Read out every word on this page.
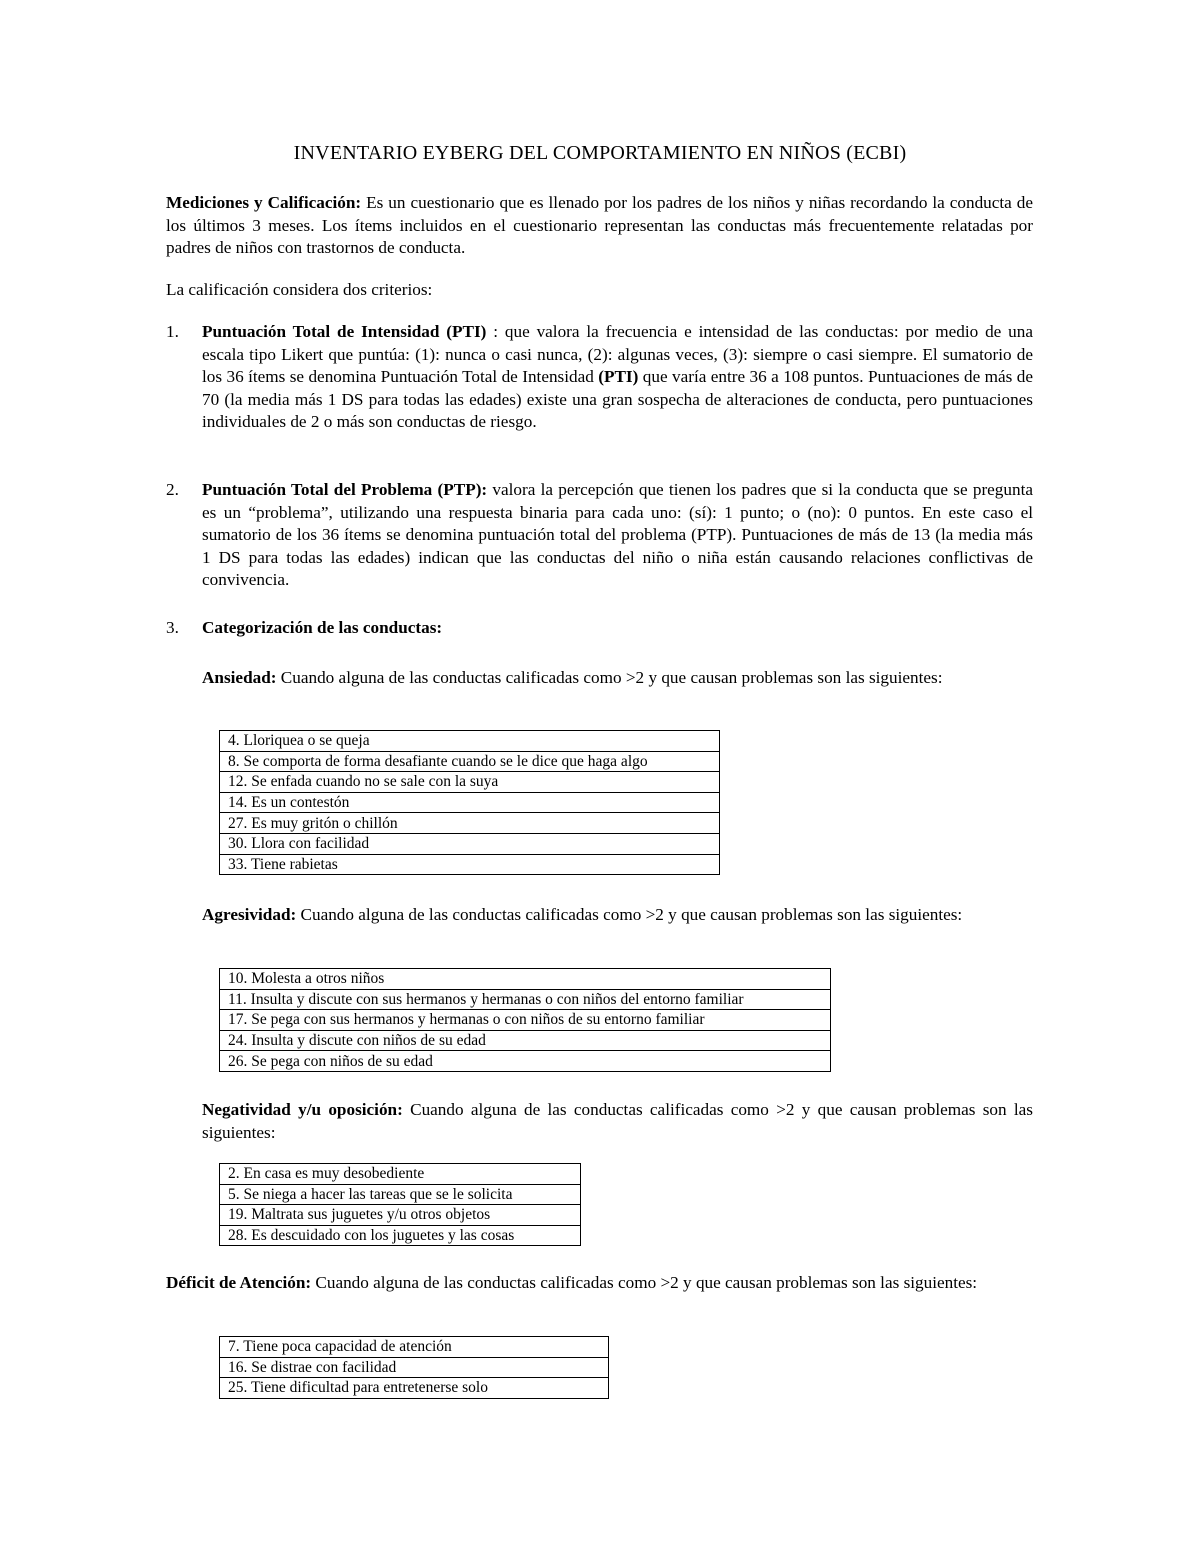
INVENTARIO EYBERG DEL COMPORTAMIENTO EN NIÑOS (ECBI)

Mediciones y Calificación: Es un cuestionario que es llenado por los padres de los niños y niñas recordando la conducta de los últimos 3 meses. Los ítems incluidos en el cuestionario representan las conductas más frecuentemente relatadas por padres de niños con trastornos de conducta.

La calificación considera dos criterios:

1. Puntuación Total de Intensidad (PTI) : que valora la frecuencia e intensidad de las conductas: por medio de una escala tipo Likert que puntúa: (1): nunca o casi nunca, (2): algunas veces, (3): siempre o casi siempre. El sumatorio de los 36 ítems se denomina Puntuación Total de Intensidad (PTI) que varía entre 36 a 108 puntos. Puntuaciones de más de 70 (la media más 1 DS para todas las edades) existe una gran sospecha de alteraciones de conducta, pero puntuaciones individuales de 2 o más son conductas de riesgo.
2. Puntuación Total del Problema (PTP): valora la percepción que tienen los padres que si la conducta que se pregunta es un “problema”, utilizando una respuesta binaria para cada uno: (sí): 1 punto; o (no): 0 puntos. En este caso el sumatorio de los 36 ítems se denomina puntuación total del problema (PTP). Puntuaciones de más de 13 (la media más 1 DS para todas las edades) indican que las conductas del niño o niña están causando relaciones conflictivas de convivencia.
3. Categorización de las conductas:

Ansiedad: Cuando alguna de las conductas calificadas como >2 y que causan problemas son las siguientes:

4. Lloriquea o se queja
8. Se comporta de forma desafiante cuando se le dice que haga algo
12. Se enfada cuando no se sale con la suya
14. Es un contestón
27. Es muy gritón o chillón
30. Llora con facilidad
33. Tiene rabietas

Agresividad: Cuando alguna de las conductas calificadas como >2 y que causan problemas son las siguientes:

10. Molesta a otros niños
11. Insulta y discute con sus hermanos y hermanas o con niños del entorno familiar
17. Se pega con sus hermanos y hermanas o con niños de su entorno familiar
24. Insulta y discute con niños de su edad
26. Se pega con niños de su edad

Negatividad y/u oposición: Cuando alguna de las conductas calificadas como >2 y que causan problemas son las siguientes:

2. En casa es muy desobediente
5. Se niega a hacer las tareas que se le solicita
19. Maltrata sus juguetes y/u otros objetos
28. Es descuidado con los juguetes y las cosas

Déficit de Atención: Cuando alguna de las conductas calificadas como >2 y que causan problemas son las siguientes:

7. Tiene poca capacidad de atención
16. Se distrae con facilidad
25. Tiene dificultad para entretenerse solo
